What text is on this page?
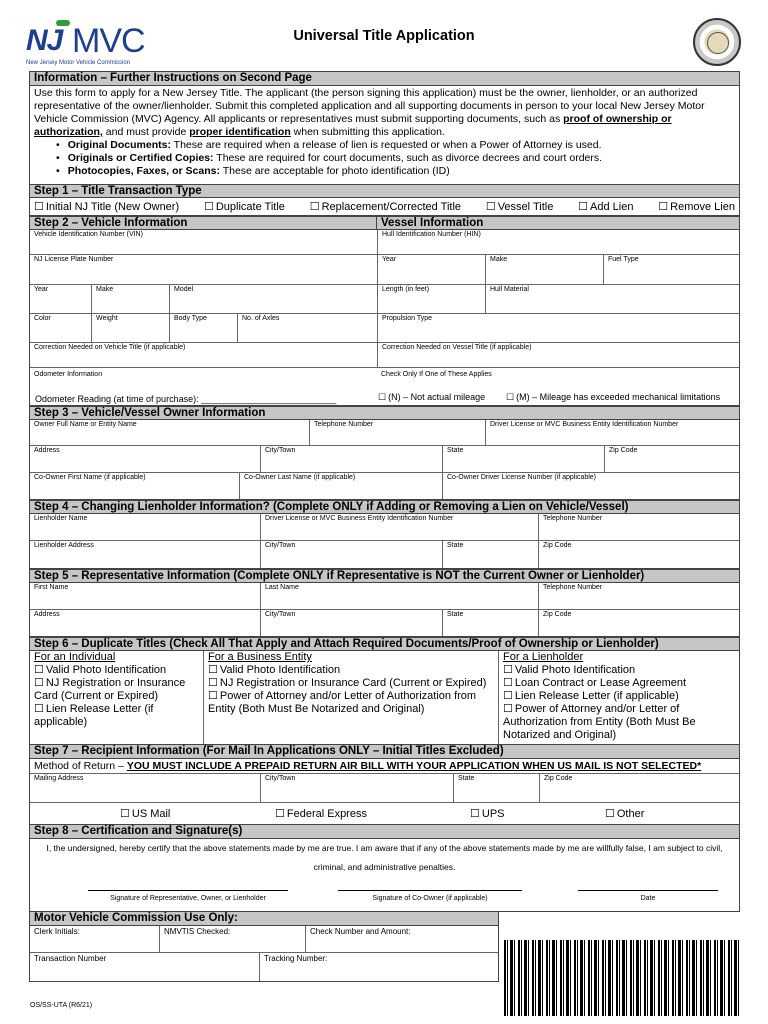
NJ MVC
New Jersey Motor Vehicle Commission
Universal Title Application
Information – Further Instructions on Second Page
Use this form to apply for a New Jersey Title. The applicant (the person signing this application) must be the owner, lienholder, or an authorized representative of the owner/lienholder. Submit this completed application and all supporting documents in person to your local New Jersey Motor Vehicle Commission (MVC) Agency. All applicants or representatives must submit supporting documents, such as proof of ownership or authorization, and must provide proper identification when submitting this application.
• Original Documents: These are required when a release of lien is requested or when a Power of Attorney is used.
• Originals or Certified Copies: These are required for court documents, such as divorce decrees and court orders.
• Photocopies, Faxes, or Scans: These are acceptable for photo identification (ID)
Step 1 – Title Transaction Type
☐ Initial NJ Title (New Owner)	☐ Duplicate Title	☐ Replacement/Corrected Title	☐ Vessel Title	☐ Add Lien	☐ Remove Lien
Step 2 – Vehicle Information	Vessel Information
Vehicle Identification Number (VIN)	Hull Identification Number (HIN)
NJ License Plate Number	Year	Make	Fuel Type
Year	Make	Model	Length (in feet)	Hull Material
Color	Weight	Body Type	No. of Axles	Propulsion Type
Correction Needed on Vehicle Title (if applicable)	Correction Needed on Vessel Title (if applicable)
Odometer Information	Check Only If One of These Applies
Odometer Reading (at time of purchase): ___________________________	☐ (N) – Not actual mileage	☐ (M) – Mileage has exceeded mechanical limitations
Step 3 – Vehicle/Vessel Owner Information
Owner Full Name or Entity Name	Telephone Number	Driver License or MVC Business Entity Identification Number
Address	City/Town	State	Zip Code
Co-Owner First Name (if applicable)	Co-Owner Last Name (if applicable)	Co-Owner Driver License Number (if applicable)
Step 4 – Changing Lienholder Information? (Complete ONLY if Adding or Removing a Lien on Vehicle/Vessel)
Lienholder Name	Driver License or MVC Business Entity Identification Number	Telephone Number
Lienholder Address	City/Town	State	Zip Code
Step 5 – Representative Information (Complete ONLY if Representative is NOT the Current Owner or Lienholder)
First Name	Last Name	Telephone Number
Address	City/Town	State	Zip Code
Step 6 – Duplicate Titles (Check All That Apply and Attach Required Documents/Proof of Ownership or Lienholder)
For an Individual
☐ Valid Photo Identification
☐ NJ Registration or Insurance Card (Current or Expired)
☐ Lien Release Letter (if applicable)
For a Business Entity
☐ Valid Photo Identification
☐ NJ Registration or Insurance Card (Current or Expired)
☐ Power of Attorney and/or Letter of Authorization from Entity (Both Must Be Notarized and Original)
For a Lienholder
☐ Valid Photo Identification
☐ Loan Contract or Lease Agreement
☐ Lien Release Letter (if applicable)
☐ Power of Attorney and/or Letter of Authorization from Entity (Both Must Be Notarized and Original)
Step 7 – Recipient Information (For Mail In Applications ONLY – Initial Titles Excluded)
Method of Return – YOU MUST INCLUDE A PREPAID RETURN AIR BILL WITH YOUR APPLICATION WHEN US MAIL IS NOT SELECTED*
Mailing Address	City/Town	State	Zip Code
☐ US Mail	☐ Federal Express	☐ UPS	☐ Other
Step 8 – Certification and Signature(s)
I, the undersigned, hereby certify that the above statements made by me are true. I am aware that if any of the above statements made by me are willfully false, I am subject to civil, criminal, and administrative penalties.
Signature of Representative, Owner, or Lienholder	Signature of Co-Owner (if applicable)	Date
Motor Vehicle Commission Use Only:
Clerk Initials:	NMVTIS Checked:	Check Number and Amount:
Transaction Number	Tracking Number:
OS/SS-UTA (R6/21)
